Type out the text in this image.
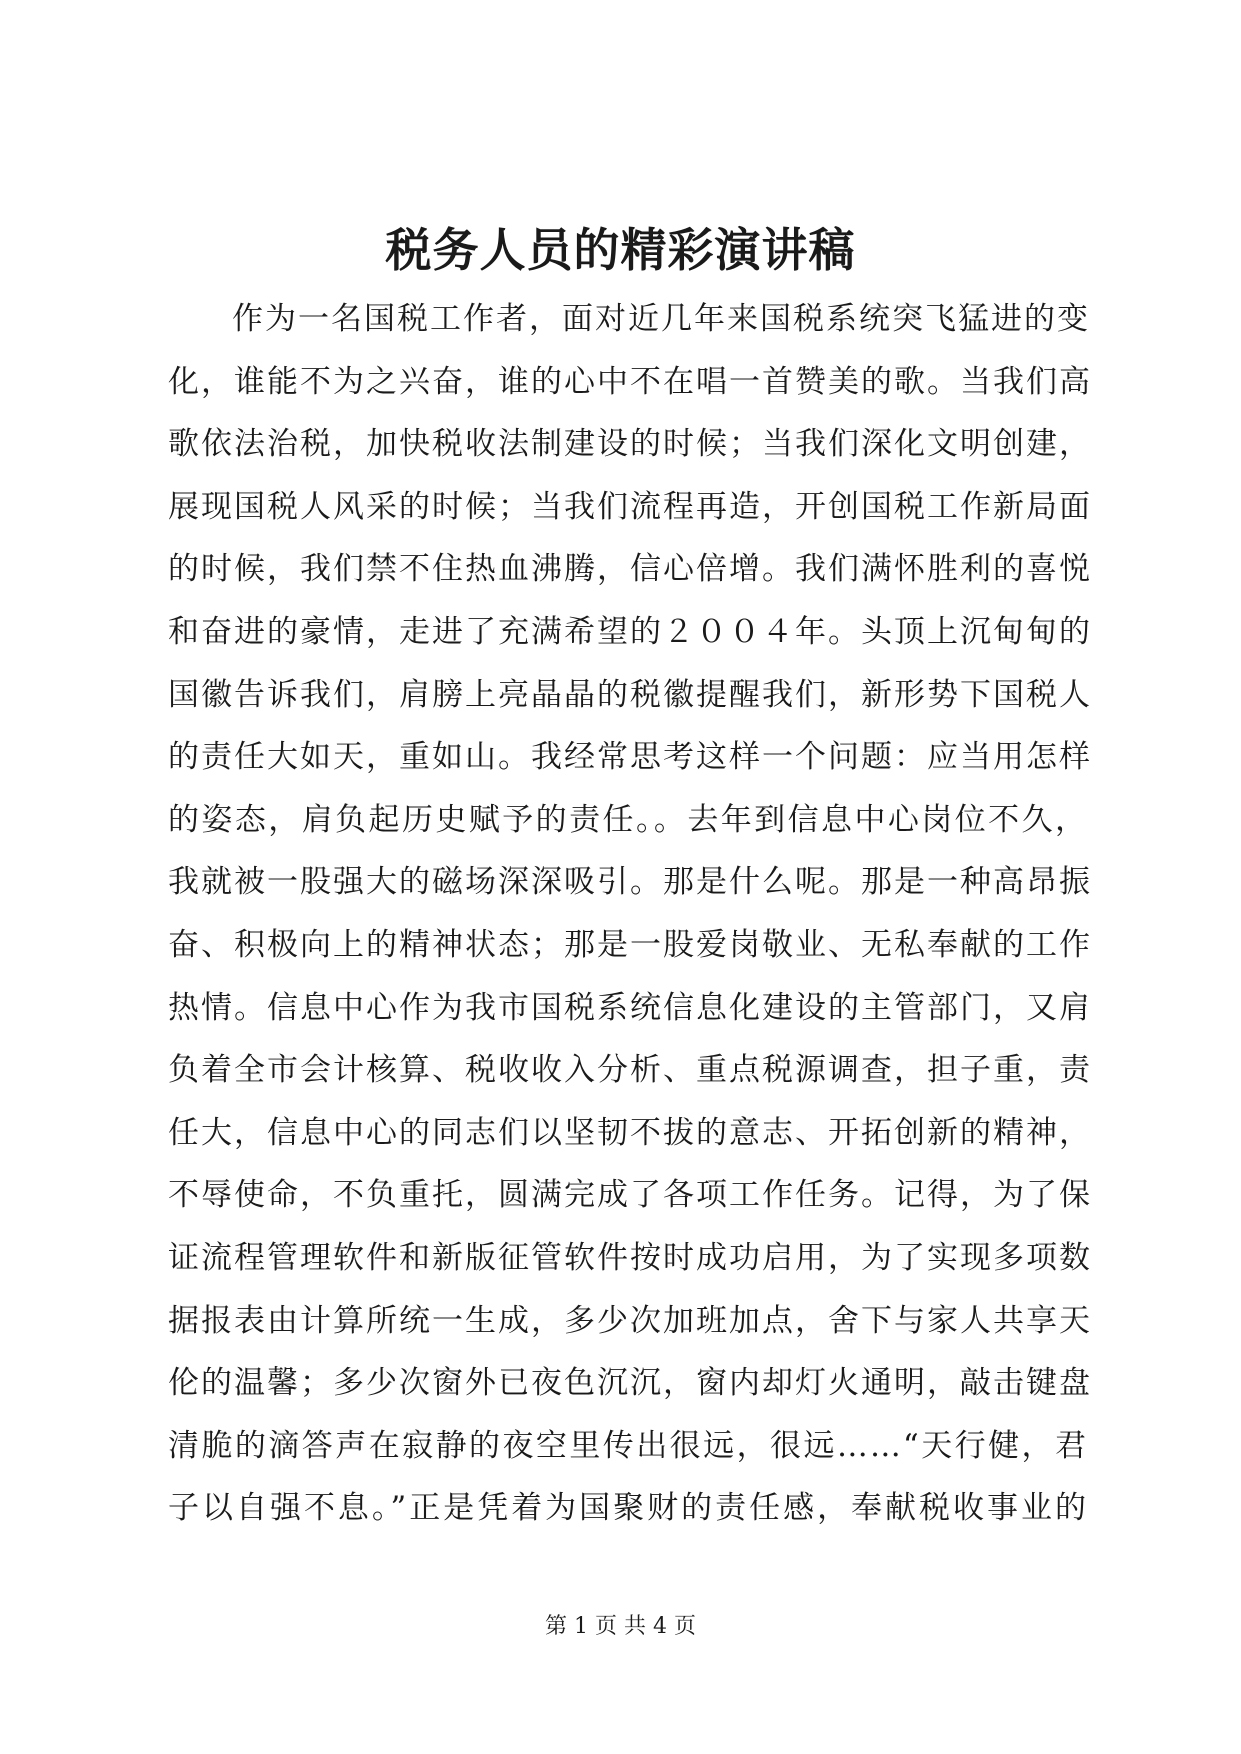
税务人员的精彩演讲稿
作为一名国税工作者，面对近几年来国税系统突飞猛进的变
化，谁能不为之兴奋，谁的心中不在唱一首赞美的歌。当我们高
歌依法治税，加快税收法制建设的时候；当我们深化文明创建，
展现国税人风采的时候；当我们流程再造，开创国税工作新局面
的时候，我们禁不住热血沸腾，信心倍增。我们满怀胜利的喜悦
和奋进的豪情，走进了充满希望的２００４年。头顶上沉甸甸的
国徽告诉我们，肩膀上亮晶晶的税徽提醒我们，新形势下国税人
的责任大如天，重如山。我经常思考这样一个问题：应当用怎样
的姿态，肩负起历史赋予的责任。。去年到信息中心岗位不久，
我就被一股强大的磁场深深吸引。那是什么呢。那是一种高昂振
奋、积极向上的精神状态；那是一股爱岗敬业、无私奉献的工作
热情。信息中心作为我市国税系统信息化建设的主管部门，又肩
负着全市会计核算、税收收入分析、重点税源调查，担子重，责
任大，信息中心的同志们以坚韧不拔的意志、开拓创新的精神，
不辱使命，不负重托，圆满完成了各项工作任务。记得，为了保
证流程管理软件和新版征管软件按时成功启用，为了实现多项数
据报表由计算所统一生成，多少次加班加点，舍下与家人共享天
伦的温馨；多少次窗外已夜色沉沉，窗内却灯火通明，敲击键盘
清脆的滴答声在寂静的夜空里传出很远，很远……“天行健，君
子以自强不息。”正是凭着为国聚财的责任感，奉献税收事业的
第 1 页 共 4 页
